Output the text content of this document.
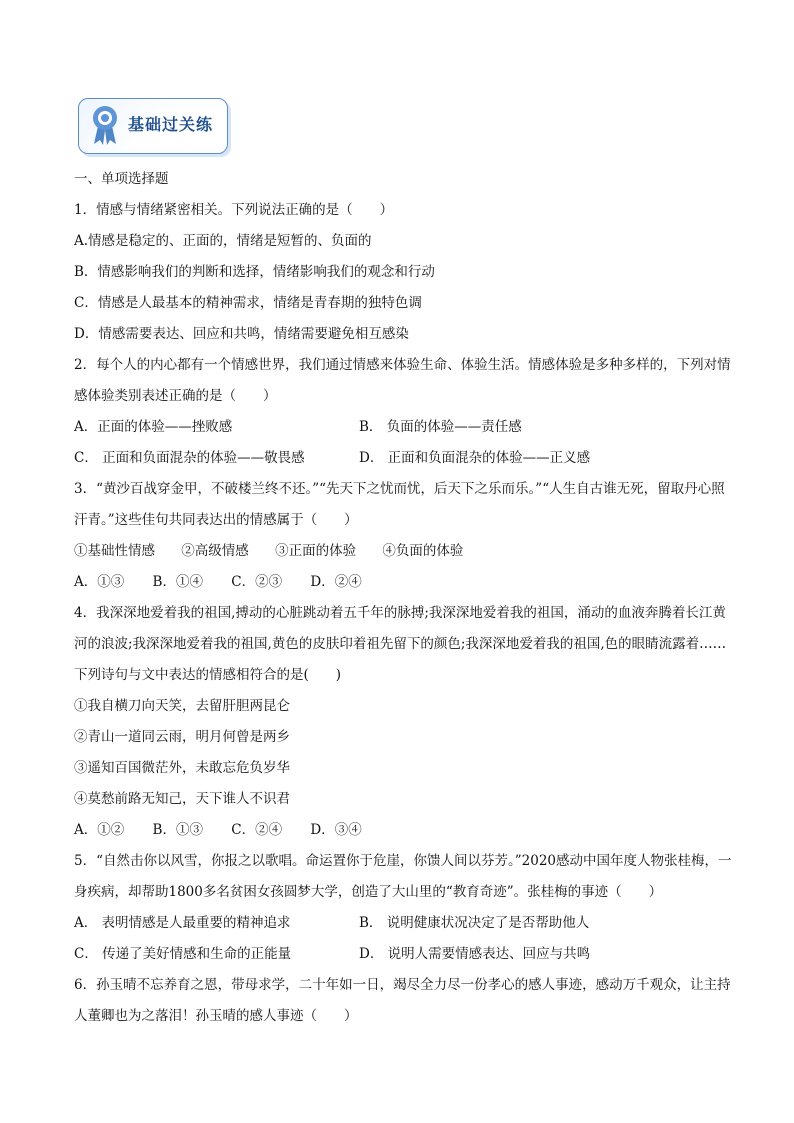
基础过关练
一、单项选择题
1．情感与情绪紧密相关。下列说法正确的是（　　）
A.情感是稳定的、正面的，情绪是短暂的、负面的
B．情感影响我们的判断和选择，情绪影响我们的观念和行动
C．情感是人最基本的精神需求，情绪是青春期的独特色调
D．情感需要表达、回应和共鸣，情绪需要避免相互感染
2．每个人的内心都有一个情感世界，我们通过情感来体验生命、体验生活。情感体验是多种多样的，下列对情感体验类别表述正确的是（　　）
A．正面的体验——挫败感	B． 负面的体验——责任感
C． 正面和负面混杂的体验——敬畏感	D． 正面和负面混杂的体验——正义感
3．“黄沙百战穿金甲，不破楼兰终不还。”“先天下之忧而忧，后天下之乐而乐。”“人生自古谁无死，留取丹心照汗青。”这些佳句共同表达出的情感属于（　　）
①基础性情感 ②高级情感 ③正面的体验 ④负面的体验
A．①③ B．①④ C．②③ D．②④
4．我深深地爱着我的祖国,搏动的心脏跳动着五千年的脉搏;我深深地爱着我的祖国，涌动的血液奔腾着长江黄河的浪波;我深深地爱着我的祖国,黄色的皮肤印着祖先留下的颜色;我深深地爱着我的祖国,色的眼睛流露着……下列诗句与文中表达的情感相符合的是(　　)
①我自横刀向天笑，去留肝胆两昆仑
②青山一道同云雨，明月何曾是两乡
③遥知百国微茫外，未敢忘危负岁华
④莫愁前路无知己，天下谁人不识君
A．①② B．①③ C．②④ D．③④
5．“自然击你以风雪，你报之以歌唱。命运置你于危崖，你馈人间以芬芳。”2020感动中国年度人物张桂梅，一身疾病，却帮助1800多名贫困女孩圆梦大学，创造了大山里的“教育奇迹”。张桂梅的事迹（　　）
A． 表明情感是人最重要的精神追求	B． 说明健康状况决定了是否帮助他人
C． 传递了美好情感和生命的正能量	D． 说明人需要情感表达、回应与共鸣
6．孙玉晴不忘养育之恩，带母求学，二十年如一日，竭尽全力尽一份孝心的感人事迹，感动万千观众，让主持人董卿也为之落泪！孙玉晴的感人事迹（　　）
